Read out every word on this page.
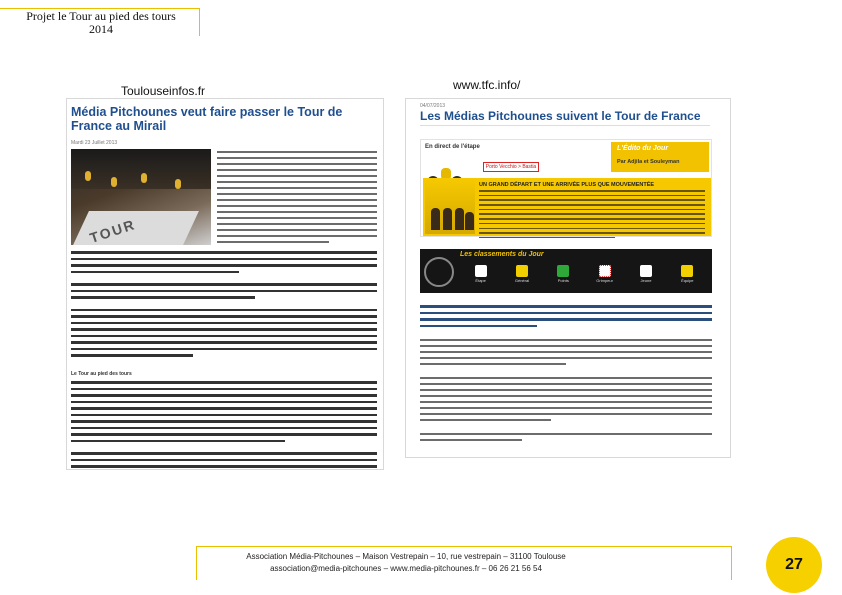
Projet le Tour au pied des tours
2014
Toulouseinfos.fr	www.tfc.info/
Média Pitchounes veut faire passer le Tour de France au Mirail
Mardi 23 Juillet 2013
TOUR
Le Tour au pied des tours
04/07/2013
Les Médias Pitchounes suivent le Tour de France
En direct de l'étape
Porto Vecchio > Bastia
L'Édito du Jour
Par Adjila et Souleyman
UN GRAND DÉPART ET UNE ARRIVÉE PLUS QUE MOUVEMENTÉE
Les classements du Jour
Étape	Général	Points	Grimpeur	Jeune	Équipe
Association Média-Pitchounes – Maison Vestrepain – 10, rue vestrepain – 31100 Toulouse
association@media-pitchounes – www.media-pitchounes.fr – 06 26 21 56 54	27
